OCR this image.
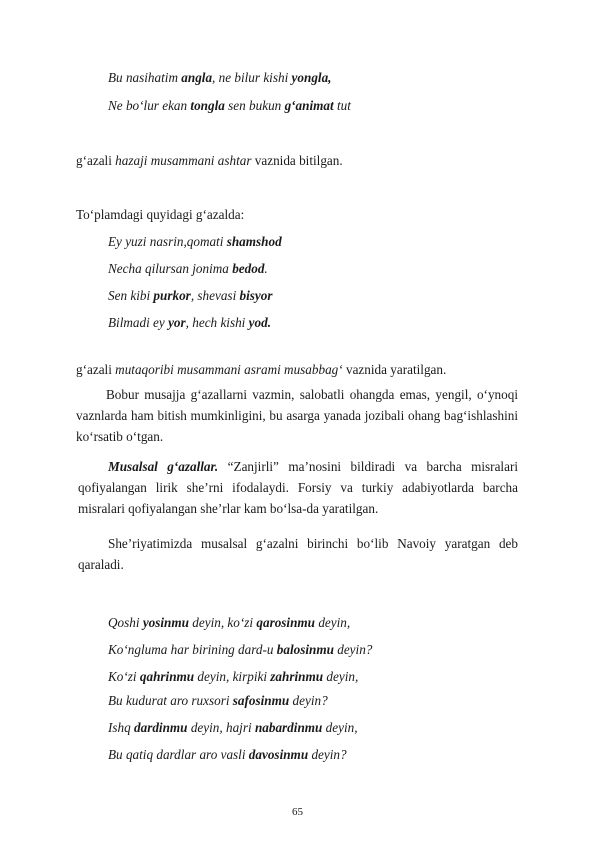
Bu nasihatim angla, ne bilur kishi yongla,
Ne bo‘lur ekan tongla sen bukun g‘animat tut
g‘azali hazaji musammani ashtar vaznida bitilgan.
To‘plamdagi quyidagi g‘azalda:
Ey yuzi nasrin,qomati shamshod
Necha qilursan jonima bedod.
Sen kibi purkor, shevasi bisyor
Bilmadi ey yor, hech kishi yod.
g‘azali mutaqoribi musammani asrami musabbag‘ vaznida yaratilgan.

Bobur musajja g‘azallarni vazmin, salobatli ohangda emas, yengil, o‘ynoqi vaznlarda ham bitish mumkinligini, bu asarga yanada jozibali ohang bag‘ishlashini ko‘rsatib o‘tgan.

Musalsal g‘azallar. “Zanjirli” ma’nosini bildiradi va barcha misralari qofiyalangan lirik she’rni ifodalaydi. Forsiy va turkiy adabiyotlarda barcha misralari qofiyalangan she’rlar kam bo‘lsa-da yaratilgan.

She’riyatimizda musalsal g‘azalni birinchi bo‘lib Navoiy yaratgan deb qaraladi.

Qoshi yosinmu deyin, ko‘zi qarosinmu deyin,
Ko‘ngluma har birining dard-u balosinmu deyin?
Ko‘zi qahrinmu deyin, kirpiki zahrinmu deyin,
Bu kudurat aro ruxsori safosinmu deyin?
Ishq dardinmu deyin, hajri nabardinmu deyin,
Bu qatiq dardlar aro vasli davosinmu deyin?
65
